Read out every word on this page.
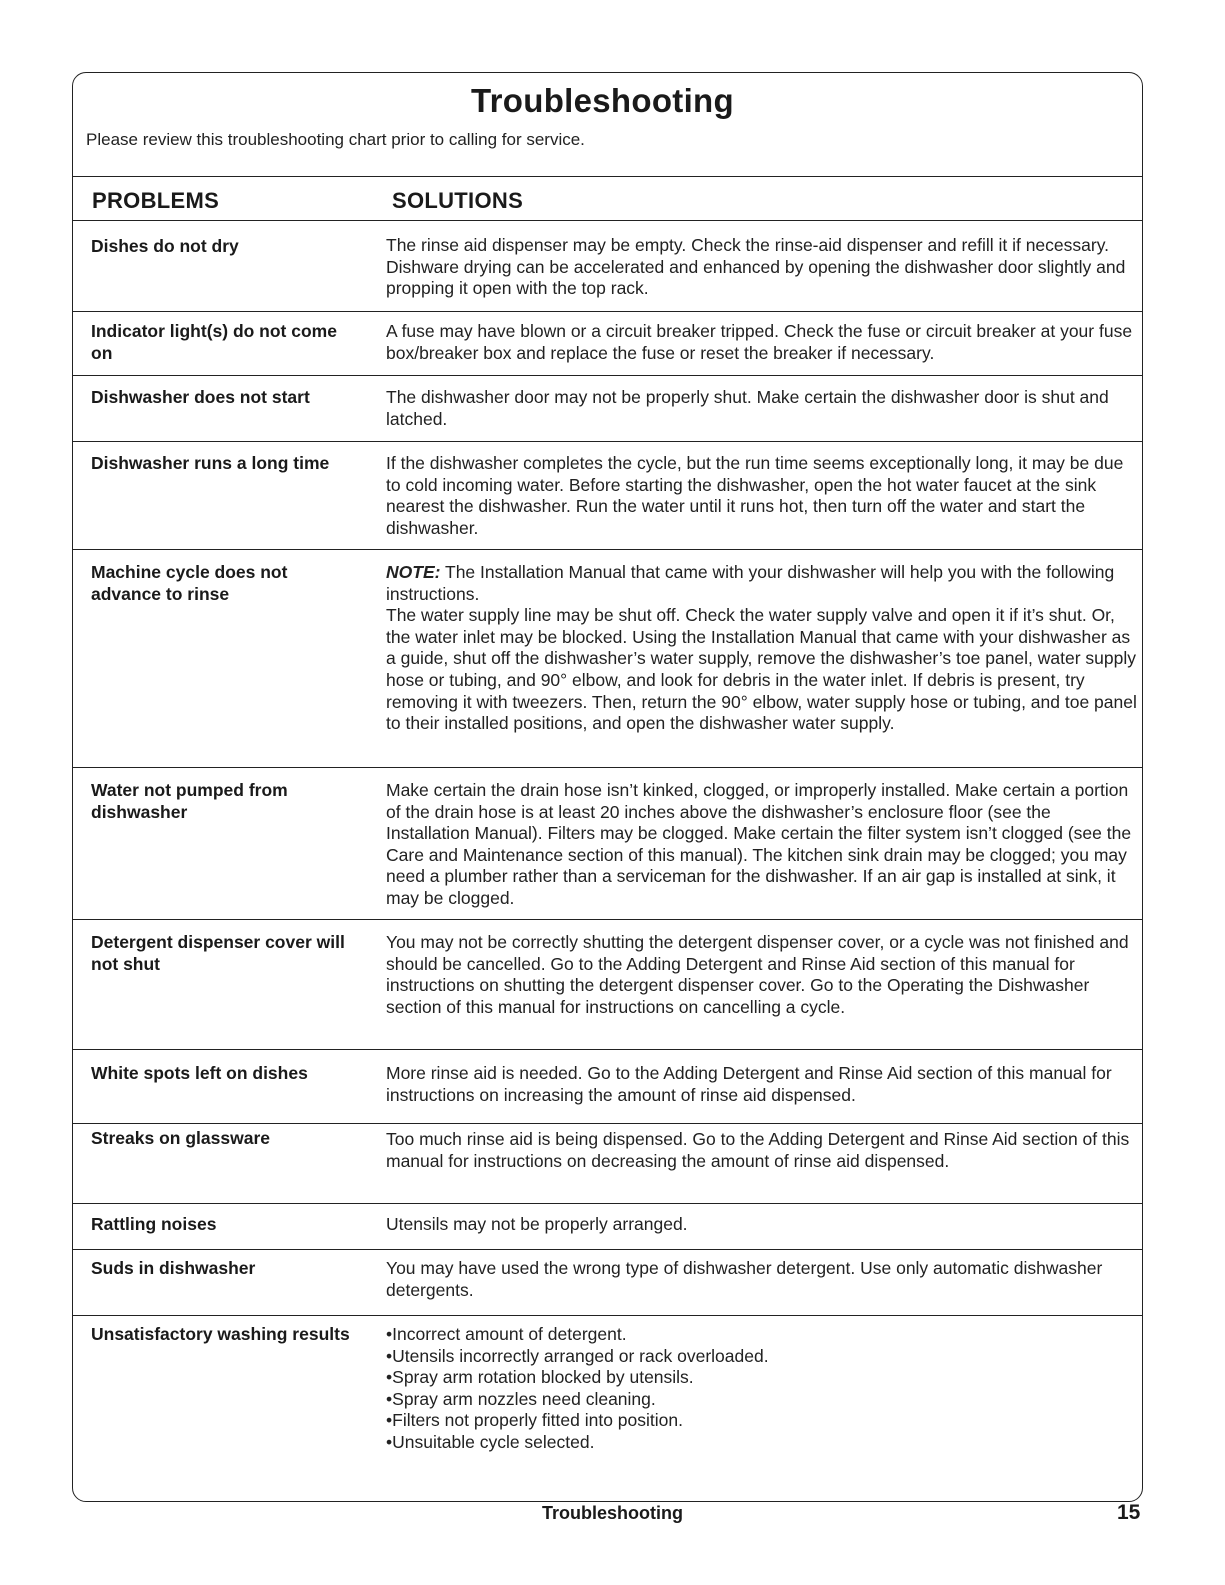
Troubleshooting
Please review this troubleshooting chart prior to calling for service.
PROBLEMS	SOLUTIONS
Dishes do not dry	The rinse aid dispenser may be empty. Check the rinse-aid dispenser and refill it if necessary. Dishware drying can be accelerated and enhanced by opening the dishwasher door slightly and propping it open with the top rack.
Indicator light(s) do not come on
A fuse may have blown or a circuit breaker tripped. Check the fuse or circuit breaker at your fuse box/breaker box and replace the fuse or reset the breaker if necessary.
Dishwasher does not start	The dishwasher door may not be properly shut. Make certain the dishwasher door is shut and latched.
Dishwasher runs a long time	If the dishwasher completes the cycle, but the run time seems exceptionally long, it may be due to cold incoming water. Before starting the dishwasher, open the hot water faucet at the sink nearest the dishwasher. Run the water until it runs hot, then turn off the water and start the dishwasher.
Machine cycle does not advance to rinse

NOTE: The Installation Manual that came with your dishwasher will help you with the following instructions.

The water supply line may be shut off. Check the water supply valve and open it if it’s shut. Or, the water inlet may be blocked. Using the Installation Manual that came with your dishwasher as a guide, shut off the dishwasher’s water supply, remove the dishwasher’s toe panel, water supply hose or tubing, and 90° elbow, and look for debris in the water inlet. If debris is present, try removing it with tweezers. Then, return the 90° elbow, water supply hose or tubing, and toe panel to their installed positions, and open the dishwasher water supply.

Water not pumped from dishwasher
Make certain the drain hose isn’t kinked, clogged, or improperly installed. Make certain a portion of the drain hose is at least 20 inches above the dishwasher’s enclosure floor (see the Installation Manual). Filters may be clogged. Make certain the filter system isn’t clogged (see the Care and Maintenance section of this manual). The kitchen sink drain may be clogged; you may need a plumber rather than a serviceman for the dishwasher. If an air gap is installed at sink, it may be clogged.
Detergent dispenser cover will not shut
You may not be correctly shutting the detergent dispenser cover, or a cycle was not finished and should be cancelled. Go to the Adding Detergent and Rinse Aid section of this manual for instructions on shutting the detergent dispenser cover. Go to the Operating the Dishwasher section of this manual for instructions on cancelling a cycle.
White spots left on dishes	More rinse aid is needed. Go to the Adding Detergent and Rinse Aid section of this manual for instructions on increasing the amount of rinse aid dispensed.
Streaks on glassware	Too much rinse aid is being dispensed. Go to the Adding Detergent and Rinse Aid section of this manual for instructions on decreasing the amount of rinse aid dispensed.
Rattling noises	Utensils may not be properly arranged.
Suds in dishwasher	You may have used the wrong type of dishwasher detergent. Use only automatic dishwasher detergents.
Unsatisfactory washing results
•	Incorrect amount of detergent.
• Utensils incorrectly arranged or rack overloaded.
• Spray arm rotation blocked by utensils.
• Spray arm nozzles need cleaning.
• Filters not properly fitted into position.
• Unsuitable cycle selected.
Troubleshooting	15
